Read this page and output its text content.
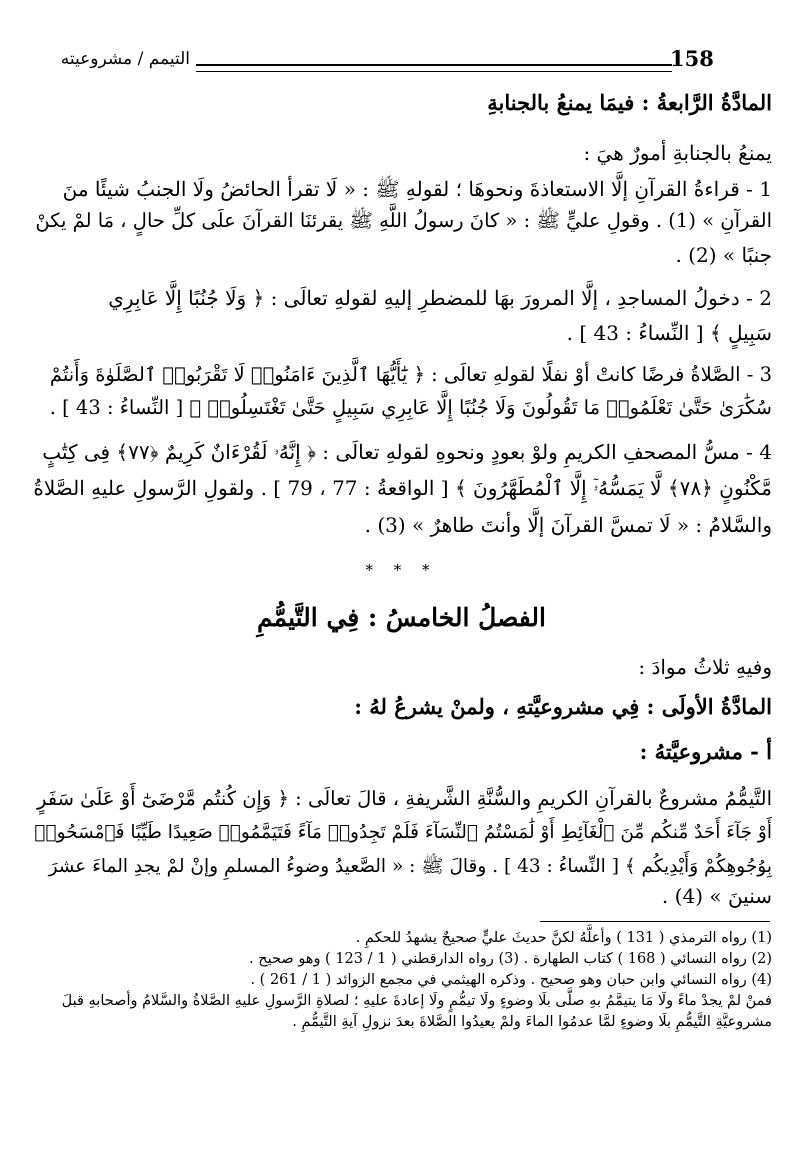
158
التيمم / مشروعيته
المادَّةُ الرَّابعةُ : فيمَا يمنعُ بالجنابةِ
يمنعُ بالجنابةِ أمورٌ هيَ :
1 - قراءةُ القرآنِ إلَّا الاستعاذةَ ونحوهَا ؛ لقولهِ ﷺ : « لَا تقرأ الحائضُ ولَا الجنبُ شيئًا منَ
القرآنِ » (1) . وقولِ عليٍّ ﷺ : « كانَ رسولُ اللَّهِ ﷺ يقرئنَا القرآنَ علَى كلِّ حالٍ ، مَا لمْ يكنْ
جنبًا » (2) .
2 - دخولُ المساجدِ ، إلَّا المرورَ بهَا للمضطرِ إليهِ لقولهِ تعالَى : ﴿ وَلَا جُنُبًا إِلَّا عَابِرِي
سَبِيلٍ ﴾ [ النِّساءُ : 43 ] .
3 - الصَّلاةُ فرضًا كانتْ أوْ نفلًا لقولهِ تعالَى : ﴿ يَٰٓأَيُّهَا ٱلَّذِينَ ءَامَنُوا۟ لَا تَقْرَبُوا۟ ٱلصَّلَوٰةَ وَأَنتُمْ
سُكَٰرَىٰ حَتَّىٰ تَعْلَمُوا۟ مَا تَقُولُونَ وَلَا جُنُبًا إِلَّا عَابِرِي سَبِيلٍ حَتَّىٰ تَغْتَسِلُوا۟ ﴾ [ النِّساءُ : 43 ] .
4 - مسُّ المصحفِ الكريمِ ولوْ بعودٍ ونحوهِ لقولهِ تعالَى : ﴿ إِنَّهُۥ لَقُرْءَانٌ كَرِيمٌ ﴿٧٧﴾ فِى كِتَٰبٍ
مَّكْنُونٍ ﴿٧٨﴾ لَّا يَمَسُّهُۥٓ إِلَّا ٱلْمُطَهَّرُونَ ﴾ [ الواقعةُ : 77 ، 79 ] . ولقولِ الرَّسولِ عليهِ الصَّلاةُ
والسَّلامُ : « لَا تمسَّ القرآنَ إلَّا وأنتَ طاهرٌ » (3) .
* * *
الفصلُ الخامسُ : فِي التَّيمُّمِ
وفيهِ ثلاثُ موادَ :
المادَّةُ الأولَى : فِي مشروعيَّتهِ ، ولمنْ يشرعُ لهُ :
أ - مشروعيَّتهُ :
التَّيمُّمُ مشروعٌ بالقرآنِ الكريمِ والسُّنَّةِ الشَّريفةِ ، قالَ تعالَى : ﴿ وَإِن كُنتُم مَّرْضَىٰٓ أَوْ عَلَىٰ سَفَرٍ
أَوْ جَآءَ أَحَدٌ مِّنكُم مِّنَ ٱلْغَآئِطِ أَوْ لَٰمَسْتُمُ ٱلنِّسَآءَ فَلَمْ تَجِدُوا۟ مَآءً فَتَيَمَّمُوا۟ صَعِيدًا طَيِّبًا فَٱمْسَحُوا۟
بِوُجُوهِكُمْ وَأَيْدِيكُم ﴾ [ النِّساءُ : 43 ] . وقالَ ﷺ : « الصَّعيدُ وضوءُ المسلمِ وإنْ لمْ يجدِ الماءَ عشرَ
سنينَ » (4) .
(1) رواه الترمذي ( 131 ) وأعلَّهُ لكنَّ حديثَ عليٍّ صحيحٌ يشهدُ للحكمِ .
(2) رواه النسائي ( 168 ) كتاب الطهارة . (3) رواه الدارقطني ( 1 / 123 ) وهو صحيح .
(4) رواه النسائي وابن حبان وهو صحيح . وذكره الهيثمي في مجمع الزوائد ( 1 / 261 ) .
فمنْ لمْ يجدْ ماءً ولَا مَا يتيمَّمُ بهِ صلَّى بلَا وضوءٍ ولَا تيمُّمٍ ولَا إعادةَ عليهِ ؛ لصلاةِ الرَّسولِ عليهِ الصَّلاةُ والسَّلامُ وأصحابهِ قبلَ
مشروعيَّةِ التَّيمُّمِ بلَا وضوءٍ لمَّا عدمُوا الماءَ ولمْ يعيدُوا الصَّلاةَ بعدَ نزولِ آيةِ التَّيمُّمِ .
